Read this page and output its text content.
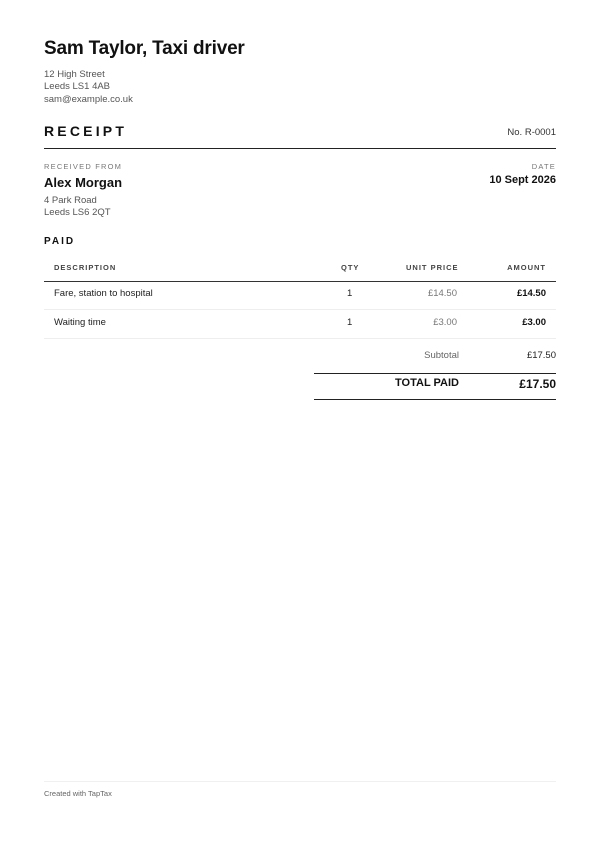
Sam Taylor, Taxi driver
12 High Street
Leeds LS1 4AB
sam@example.co.uk
RECEIPT	No. R-0001
RECEIVED FROM
Alex Morgan
4 Park Road
Leeds LS6 2QT
DATE
10 Sept 2026
PAID
DESCRIPTION	QTY	UNIT PRICE	AMOUNT
Fare, station to hospital	1	£14.50	£14.50
Waiting time	1	£3.00	£3.00
Subtotal	£17.50
TOTAL PAID	£17.50
Created with TapTax
